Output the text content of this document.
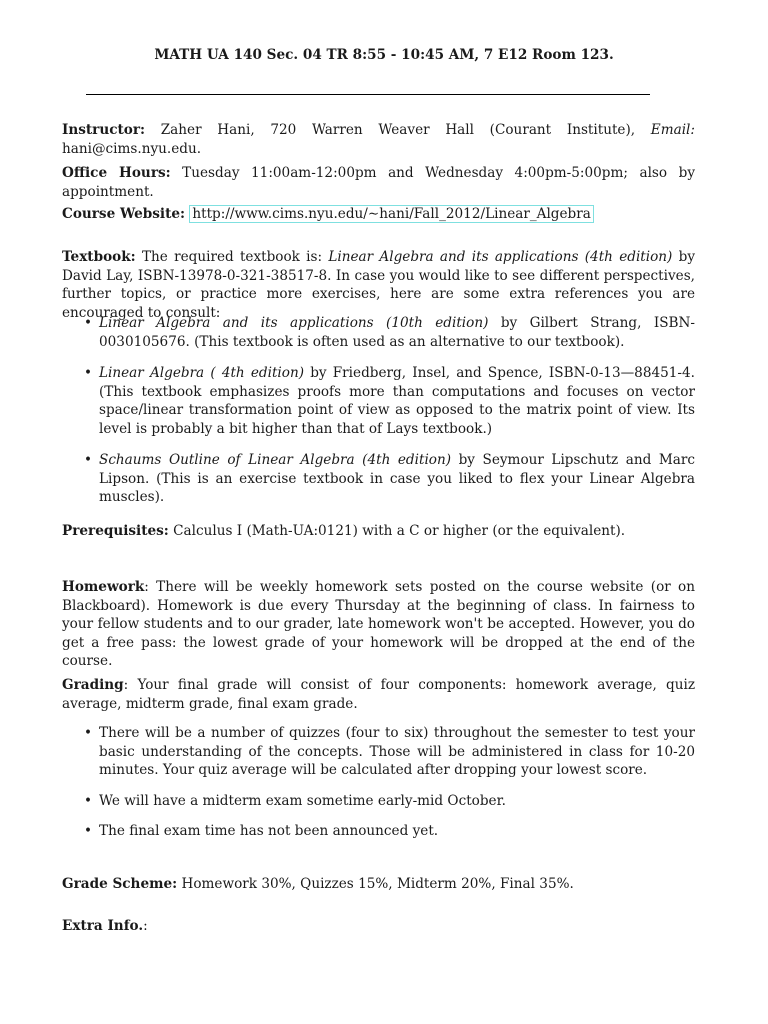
MATH UA 140 Sec. 04 TR 8:55 - 10:45 AM, 7 E12 Room 123.
Instructor: Zaher Hani, 720 Warren Weaver Hall (Courant Institute), Email: hani@cims.nyu.edu.
Office Hours: Tuesday 11:00am-12:00pm and Wednesday 4:00pm-5:00pm; also by appointment.
Course Website: http://www.cims.nyu.edu/∼hani/Fall_2012/Linear_Algebra
Textbook: The required textbook is: Linear Algebra and its applications (4th edition) by David Lay, ISBN-13978-0-321-38517-8. In case you would like to see different perspectives, further topics, or practice more exercises, here are some extra references you are encouraged to consult:
• Linear Algebra and its applications (10th edition) by Gilbert Strang, ISBN-0030105676. (This textbook is often used as an alternative to our textbook).
• Linear Algebra ( 4th edition) by Friedberg, Insel, and Spence, ISBN-0-13—88451-4. (This textbook emphasizes proofs more than computations and focuses on vector space/linear transformation point of view as opposed to the matrix point of view. Its level is probably a bit higher than that of Lays textbook.)
• Schaums Outline of Linear Algebra (4th edition) by Seymour Lipschutz and Marc Lipson. (This is an exercise textbook in case you liked to flex your Linear Algebra muscles).
Prerequisites: Calculus I (Math-UA:0121) with a C or higher (or the equivalent).
Homework: There will be weekly homework sets posted on the course website (or on Blackboard). Homework is due every Thursday at the beginning of class. In fairness to your fellow students and to our grader, late homework won't be accepted. However, you do get a free pass: the lowest grade of your homework will be dropped at the end of the course.
Grading: Your final grade will consist of four components: homework average, quiz average, midterm grade, final exam grade.
• There will be a number of quizzes (four to six) throughout the semester to test your basic understanding of the concepts. Those will be administered in class for 10-20 minutes. Your quiz average will be calculated after dropping your lowest score.
• We will have a midterm exam sometime early-mid October.
• The final exam time has not been announced yet.
Grade Scheme: Homework 30%, Quizzes 15%, Midterm 20%, Final 35%.
Extra Info.:
